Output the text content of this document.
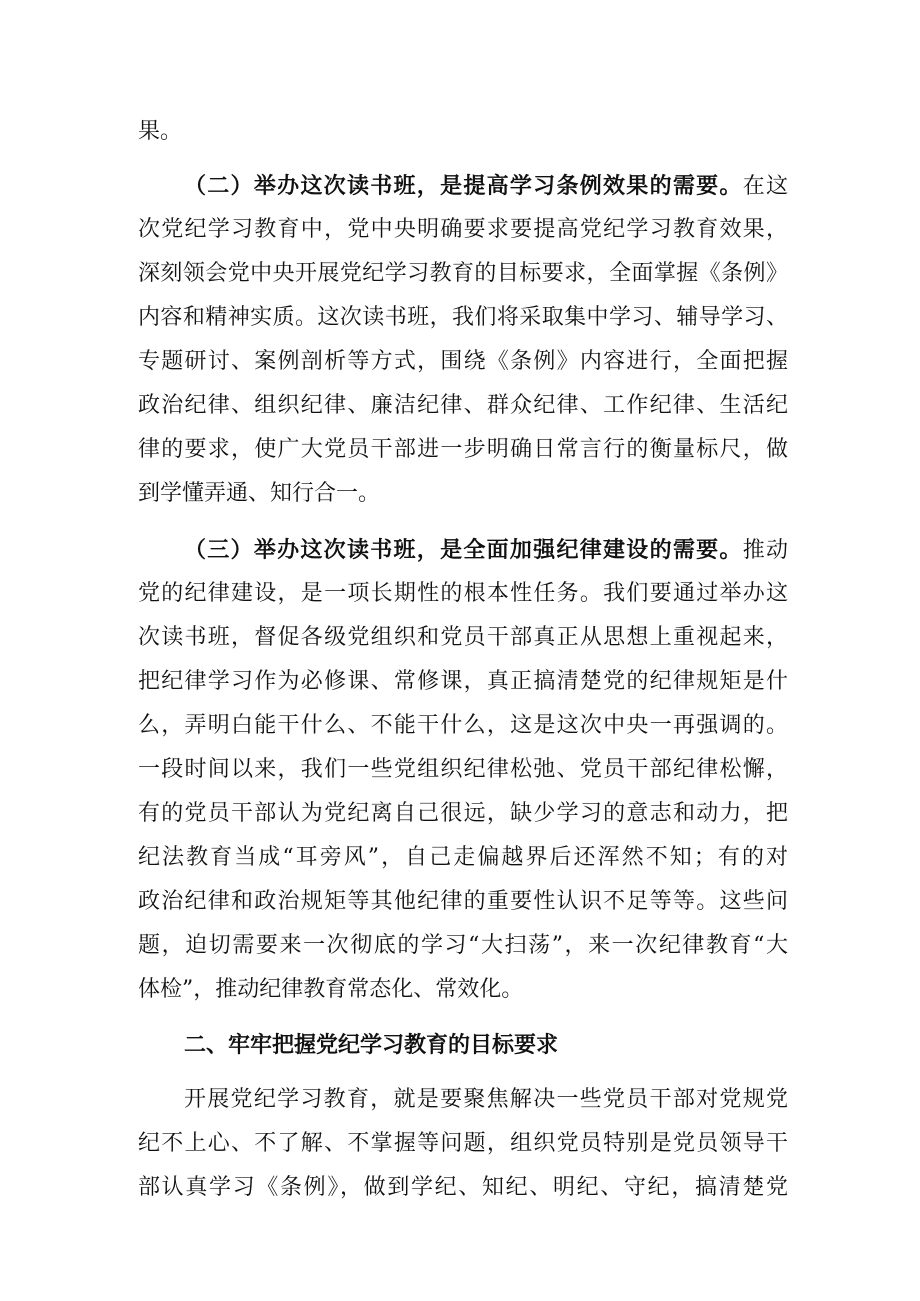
果。
（二）举办这次读书班，是提高学习条例效果的需要。在这
次党纪学习教育中，党中央明确要求要提高党纪学习教育效果，
深刻领会党中央开展党纪学习教育的目标要求，全面掌握《条例》
内容和精神实质。这次读书班，我们将采取集中学习、辅导学习、
专题研讨、案例剖析等方式，围绕《条例》内容进行，全面把握
政治纪律、组织纪律、廉洁纪律、群众纪律、工作纪律、生活纪
律的要求，使广大党员干部进一步明确日常言行的衡量标尺，做
到学懂弄通、知行合一。
（三）举办这次读书班，是全面加强纪律建设的需要。推动
党的纪律建设，是一项长期性的根本性任务。我们要通过举办这
次读书班，督促各级党组织和党员干部真正从思想上重视起来，
把纪律学习作为必修课、常修课，真正搞清楚党的纪律规矩是什
么，弄明白能干什么、不能干什么，这是这次中央一再强调的。
一段时间以来，我们一些党组织纪律松弛、党员干部纪律松懈，
有的党员干部认为党纪离自己很远，缺少学习的意志和动力，把
纪法教育当成“耳旁风”，自己走偏越界后还浑然不知；有的对
政治纪律和政治规矩等其他纪律的重要性认识不足等等。这些问
题，迫切需要来一次彻底的学习“大扫荡”，来一次纪律教育“大
体检”，推动纪律教育常态化、常效化。
二、牢牢把握党纪学习教育的目标要求
开展党纪学习教育，就是要聚焦解决一些党员干部对党规党
纪不上心、不了解、不掌握等问题，组织党员特别是党员领导干
部认真学习《条例》，做到学纪、知纪、明纪、守纪，搞清楚党
